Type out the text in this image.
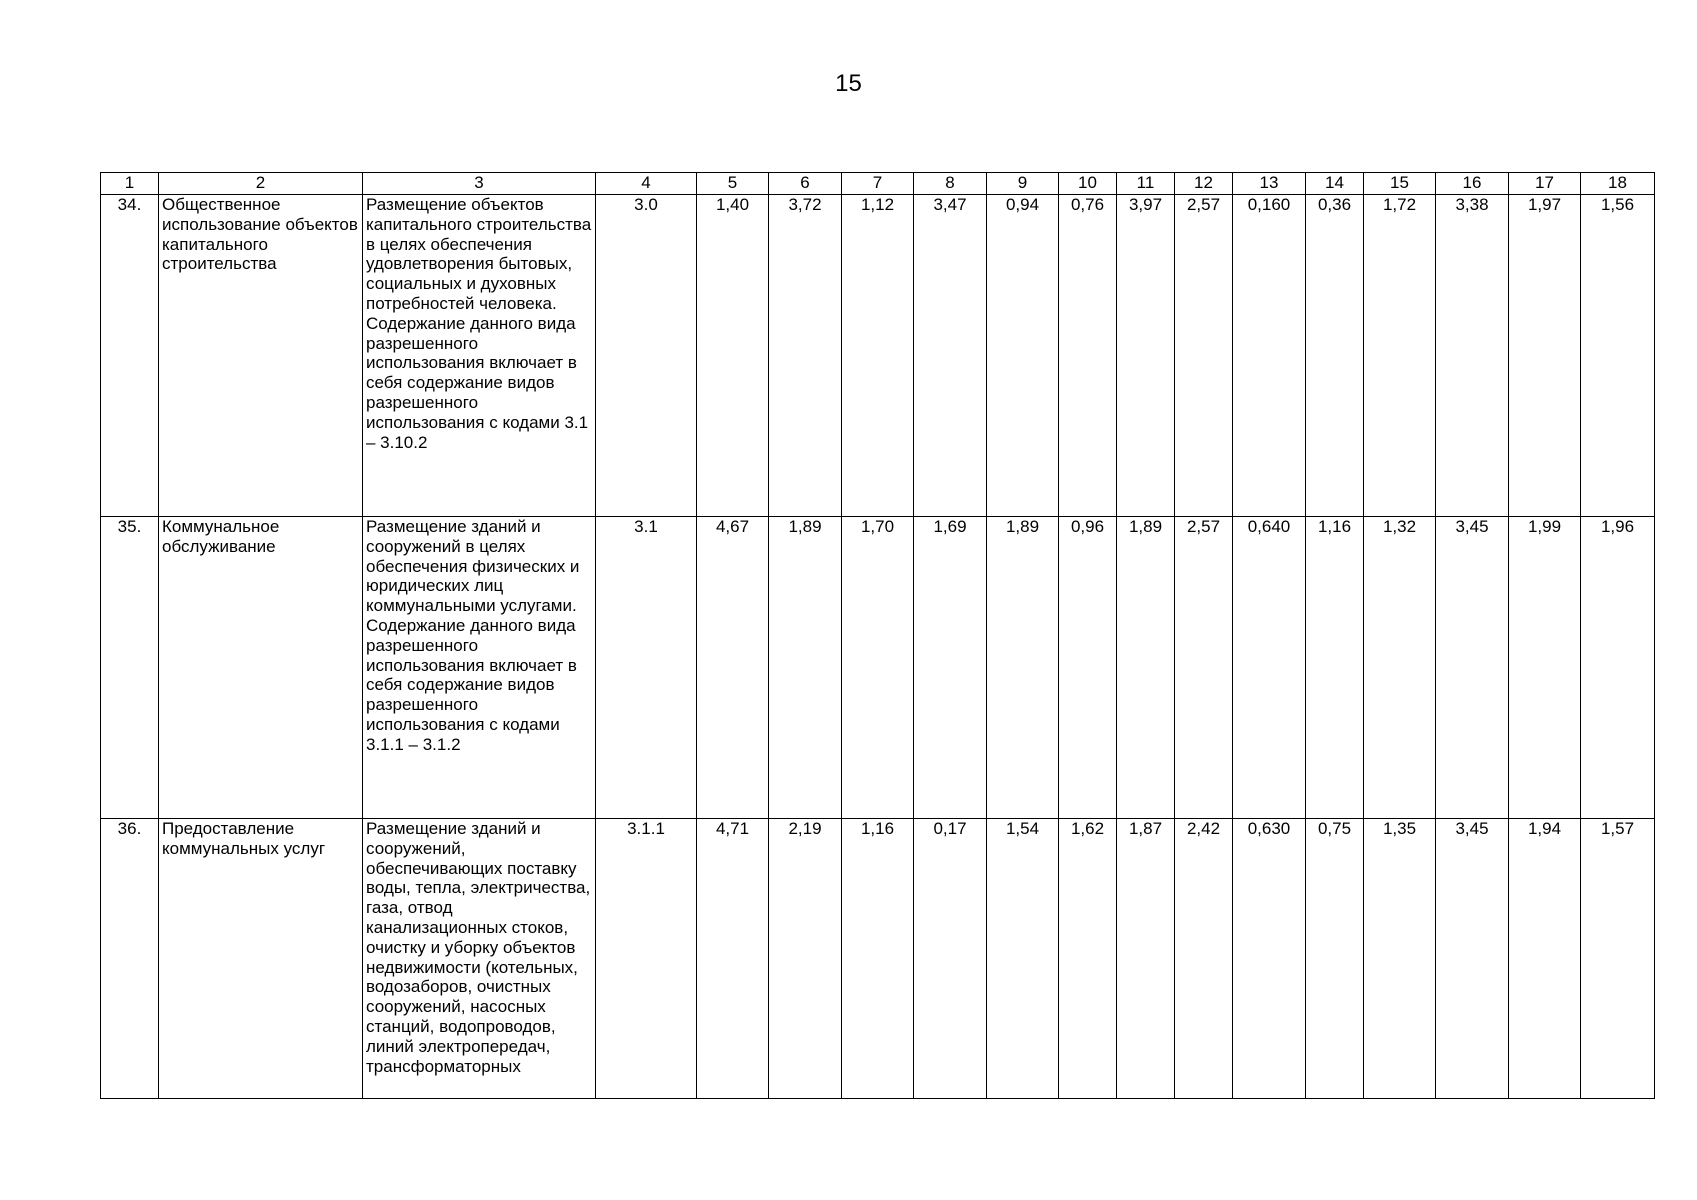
15
1	2	3	4	5	6	7	8	9	10	11	12	13	14	15	16	17	18
34.	Общественное использование объектов капитального строительства	Размещение объектов капитального строительства в целях обеспечения удовлетворения бытовых, социальных и духовных потребностей человека. Содержание данного вида разрешенного использования включает в себя содержание видов разрешенного использования с кодами 3.1 – 3.10.2	3.0	1,40	3,72	1,12	3,47	0,94	0,76	3,97	2,57	0,160	0,36	1,72	3,38	1,97	1,56
35.	Коммунальное обслуживание	Размещение зданий и сооружений в целях обеспечения физических и юридических лиц коммунальными услугами. Содержание данного вида разрешенного использования включает в себя содержание видов разрешенного использования с кодами 3.1.1 – 3.1.2	3.1	4,67	1,89	1,70	1,69	1,89	0,96	1,89	2,57	0,640	1,16	1,32	3,45	1,99	1,96
36.	Предоставление коммунальных услуг	Размещение зданий и сооружений, обеспечивающих поставку воды, тепла, электричества, газа, отвод канализационных стоков, очистку и уборку объектов недвижимости (котельных, водозаборов, очистных сооружений, насосных станций, водопроводов, линий электропередач, трансформаторных	3.1.1	4,71	2,19	1,16	0,17	1,54	1,62	1,87	2,42	0,630	0,75	1,35	3,45	1,94	1,57
